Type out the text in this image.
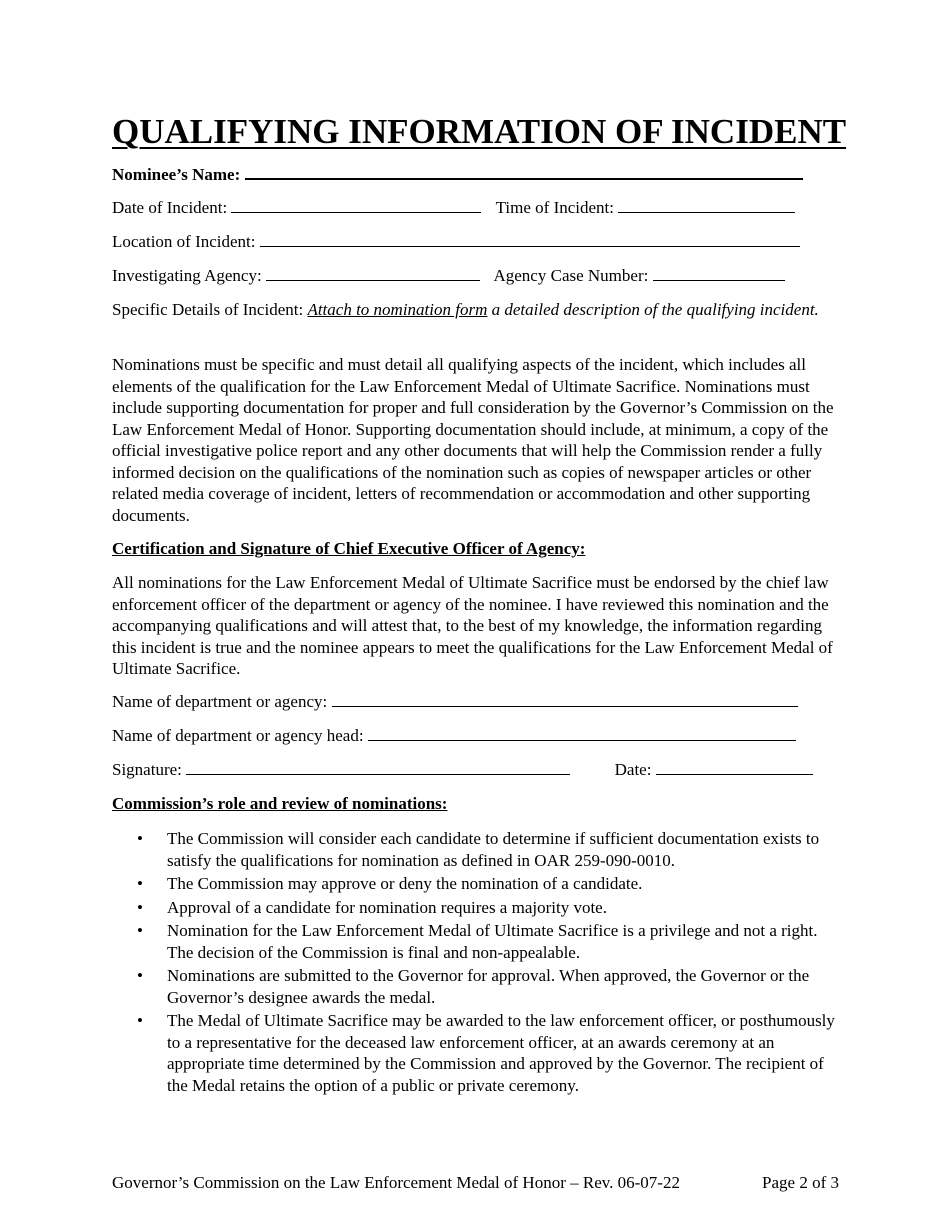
QUALIFYING INFORMATION OF INCIDENT
Nominee’s Name:
Date of Incident:	Time of Incident:
Location of Incident:
Investigating Agency:	Agency Case Number:
Specific Details of Incident: Attach to nomination form a detailed description of the qualifying incident.
Nominations must be specific and must detail all qualifying aspects of the incident, which includes all elements of the qualification for the Law Enforcement Medal of Ultimate Sacrifice. Nominations must include supporting documentation for proper and full consideration by the Governor’s Commission on the Law Enforcement Medal of Honor. Supporting documentation should include, at minimum, a copy of the official investigative police report and any other documents that will help the Commission render a fully informed decision on the qualifications of the nomination such as copies of newspaper articles or other related media coverage of incident, letters of recommendation or accommodation and other supporting documents.
Certification and Signature of Chief Executive Officer of Agency:
All nominations for the Law Enforcement Medal of Ultimate Sacrifice must be endorsed by the chief law enforcement officer of the department or agency of the nominee. I have reviewed this nomination and the accompanying qualifications and will attest that, to the best of my knowledge, the information regarding this incident is true and the nominee appears to meet the qualifications for the Law Enforcement Medal of Ultimate Sacrifice.
Name of department or agency:
Name of department or agency head:
Signature:	Date:
Commission’s role and review of nominations:
• The Commission will consider each candidate to determine if sufficient documentation exists to satisfy the qualifications for nomination as defined in OAR 259-090-0010.
• The Commission may approve or deny the nomination of a candidate.
• Approval of a candidate for nomination requires a majority vote.
• Nomination for the Law Enforcement Medal of Ultimate Sacrifice is a privilege and not a right. The decision of the Commission is final and non-appealable.
• Nominations are submitted to the Governor for approval. When approved, the Governor or the Governor’s designee awards the medal.
• The Medal of Ultimate Sacrifice may be awarded to the law enforcement officer, or posthumously to a representative for the deceased law enforcement officer, at an awards ceremony at an appropriate time determined by the Commission and approved by the Governor. The recipient of the Medal retains the option of a public or private ceremony.
Governor’s Commission on the Law Enforcement Medal of Honor – Rev. 06-07-22	Page 2 of 3
